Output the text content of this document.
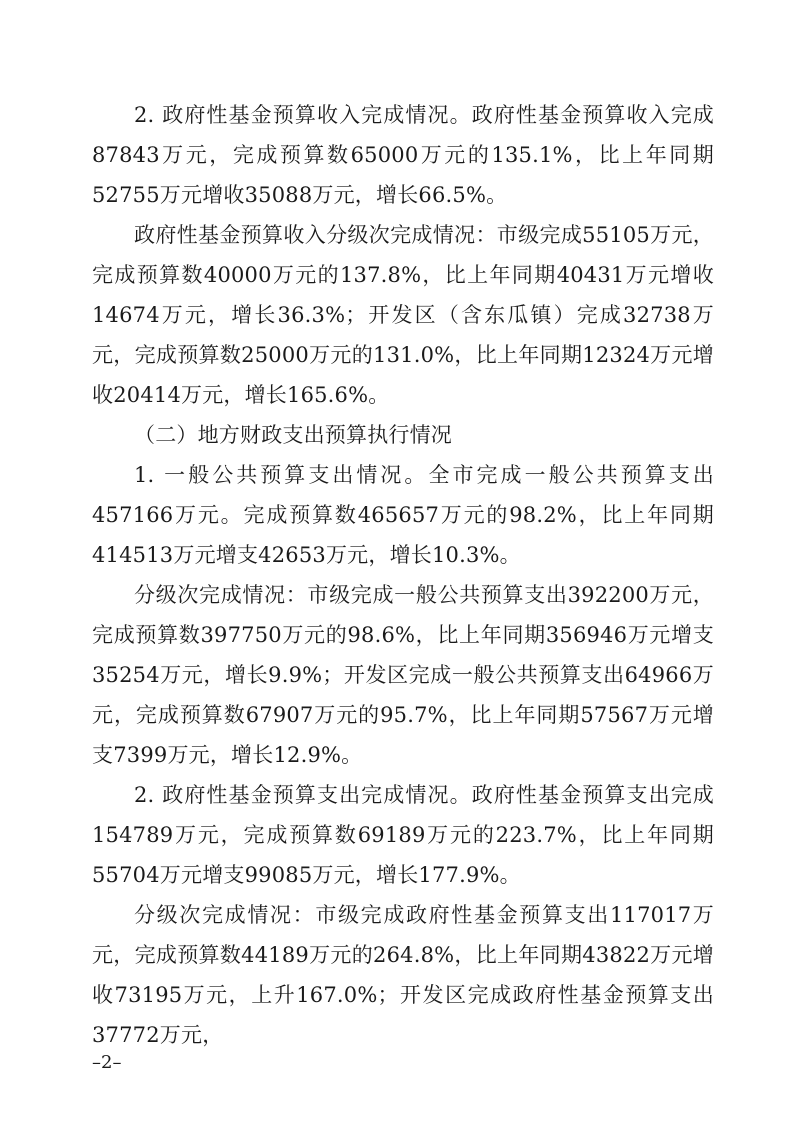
2. 政府性基金预算收入完成情况。政府性基金预算收入完成87843万元，完成预算数65000万元的135.1%，比上年同期52755万元增收35088万元，增长66.5%。

政府性基金预算收入分级次完成情况：市级完成55105万元，完成预算数40000万元的137.8%，比上年同期40431万元增收14674万元，增长36.3%；开发区（含东瓜镇）完成32738万元，完成预算数25000万元的131.0%，比上年同期12324万元增收20414万元，增长165.6%。

（二）地方财政支出预算执行情况

1. 一般公共预算支出情况。全市完成一般公共预算支出457166万元。完成预算数465657万元的98.2%，比上年同期414513万元增支42653万元，增长10.3%。

分级次完成情况：市级完成一般公共预算支出392200万元，完成预算数397750万元的98.6%，比上年同期356946万元增支35254万元，增长9.9%；开发区完成一般公共预算支出64966万元，完成预算数67907万元的95.7%，比上年同期57567万元增支7399万元，增长12.9%。

2. 政府性基金预算支出完成情况。政府性基金预算支出完成154789万元，完成预算数69189万元的223.7%，比上年同期55704万元增支99085万元，增长177.9%。

分级次完成情况：市级完成政府性基金预算支出117017万元，完成预算数44189万元的264.8%，比上年同期43822万元增收73195万元，上升167.0%；开发区完成政府性基金预算支出37772万元，

–2–
